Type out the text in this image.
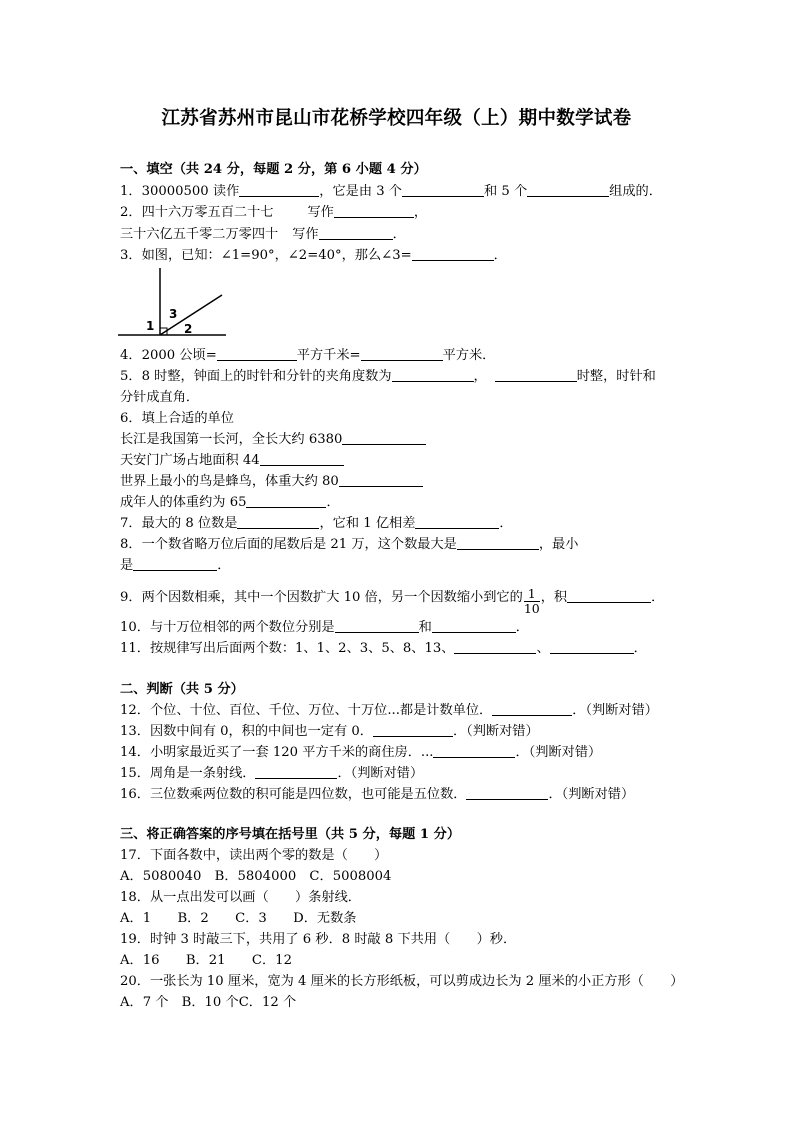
江苏省苏州市昆山市花桥学校四年级（上）期中数学试卷
一、填空（共 24 分，每题 2 分，第 6 小题 4 分）
1．30000500 读作	，它是由 3 个	和 5 个	组成的．
2．四十六万零五百二十七	写作	，
三十六亿五千零二万零四十 写作	．
3．如图，已知：∠1=90°，∠2=40°，那么∠3=	．
1
3
2
4．2000 公顷=	平方千米=	平方米．
5．8 时整，钟面上的时针和分针的夹角度数为	，	时整，时针和
分针成直角．
6．填上合适的单位
长江是我国第一长河，全长大约 6380
天安门广场占地面积 44
世界上最小的鸟是蜂鸟，体重大约 80
成年人的体重约为 65	．
7．最大的 8 位数是	，它和 1 亿相差	．
8．一个数省略万位后面的尾数后是 21 万，这个数最大是	，最小
是	．
9．两个因数相乘，其中一个因数扩大 10 倍，另一个因数缩小到它的 $\frac{1}{10}$ ，积	．
10．与十万位相邻的两个数位分别是	和	．
11．按规律写出后面两个数：1、1、2、3、5、8、13、	、	．
二、判断（共 5 分）
12．个位、十位、百位、千位、万位、十万位...都是计数单位．	．（判断对错）
13．因数中间有 0，积的中间也一定有 0．	．（判断对错）
14．小明家最近买了一套 120 平方千米的商住房．...	．（判断对错）
15．周角是一条射线．	．（判断对错）
16．三位数乘两位数的积可能是四位数，也可能是五位数．	．（判断对错）
三、将正确答案的序号填在括号里（共 5 分，每题 1 分）
17．下面各数中，读出两个零的数是（　　）
A．5080040　B．5804000　C．5008004
18．从一点出发可以画（　　）条射线．
A．1　　B．2　　C．3　　D．无数条
19．时钟 3 时敲三下，共用了 6 秒．8 时敲 8 下共用（　　）秒．
A．16　　B．21　　C．12
20．一张长为 10 厘米，宽为 4 厘米的长方形纸板，可以剪成边长为 2 厘米的小正方形（　　）
A．7 个　B．10 个C．12 个
